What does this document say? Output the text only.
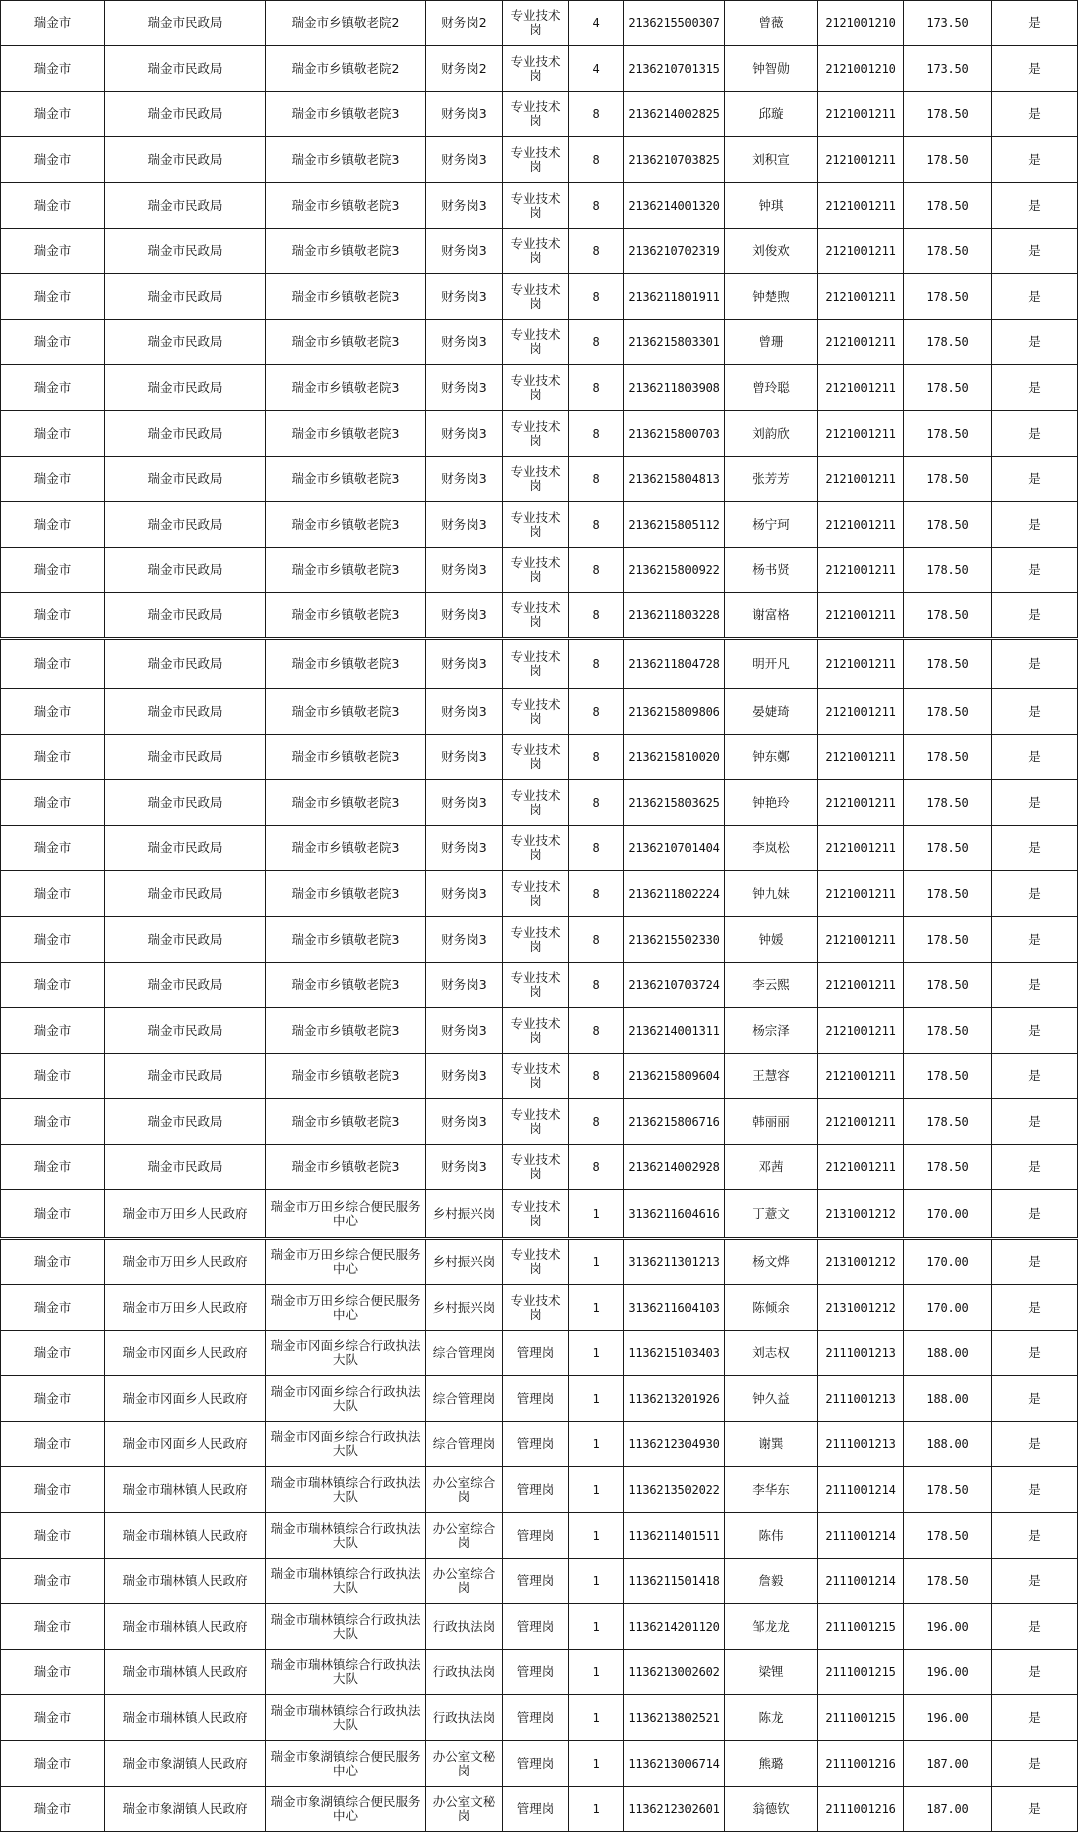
瑞金市	瑞金市民政局	瑞金市乡镇敬老院2	财务岗2	专业技术岗	4	2136215500307	曾薇	2121001210	173.50	是
瑞金市	瑞金市民政局	瑞金市乡镇敬老院2	财务岗2	专业技术岗	4	2136210701315	钟智勋	2121001210	173.50	是
瑞金市	瑞金市民政局	瑞金市乡镇敬老院3	财务岗3	专业技术岗	8	2136214002825	邱璇	2121001211	178.50	是
瑞金市	瑞金市民政局	瑞金市乡镇敬老院3	财务岗3	专业技术岗	8	2136210703825	刘积宣	2121001211	178.50	是
瑞金市	瑞金市民政局	瑞金市乡镇敬老院3	财务岗3	专业技术岗	8	2136214001320	钟琪	2121001211	178.50	是
瑞金市	瑞金市民政局	瑞金市乡镇敬老院3	财务岗3	专业技术岗	8	2136210702319	刘俊欢	2121001211	178.50	是
瑞金市	瑞金市民政局	瑞金市乡镇敬老院3	财务岗3	专业技术岗	8	2136211801911	钟楚煦	2121001211	178.50	是
瑞金市	瑞金市民政局	瑞金市乡镇敬老院3	财务岗3	专业技术岗	8	2136215803301	曾珊	2121001211	178.50	是
瑞金市	瑞金市民政局	瑞金市乡镇敬老院3	财务岗3	专业技术岗	8	2136211803908	曾玲聪	2121001211	178.50	是
瑞金市	瑞金市民政局	瑞金市乡镇敬老院3	财务岗3	专业技术岗	8	2136215800703	刘韵欣	2121001211	178.50	是
瑞金市	瑞金市民政局	瑞金市乡镇敬老院3	财务岗3	专业技术岗	8	2136215804813	张芳芳	2121001211	178.50	是
瑞金市	瑞金市民政局	瑞金市乡镇敬老院3	财务岗3	专业技术岗	8	2136215805112	杨宁珂	2121001211	178.50	是
瑞金市	瑞金市民政局	瑞金市乡镇敬老院3	财务岗3	专业技术岗	8	2136215800922	杨书贤	2121001211	178.50	是
瑞金市	瑞金市民政局	瑞金市乡镇敬老院3	财务岗3	专业技术岗	8	2136211803228	谢富格	2121001211	178.50	是
瑞金市	瑞金市民政局	瑞金市乡镇敬老院3	财务岗3	专业技术岗	8	2136211804728	明开凡	2121001211	178.50	是
瑞金市	瑞金市民政局	瑞金市乡镇敬老院3	财务岗3	专业技术岗	8	2136215809806	晏婕琦	2121001211	178.50	是
瑞金市	瑞金市民政局	瑞金市乡镇敬老院3	财务岗3	专业技术岗	8	2136215810020	钟东鄭	2121001211	178.50	是
瑞金市	瑞金市民政局	瑞金市乡镇敬老院3	财务岗3	专业技术岗	8	2136215803625	钟艳玲	2121001211	178.50	是
瑞金市	瑞金市民政局	瑞金市乡镇敬老院3	财务岗3	专业技术岗	8	2136210701404	李岚松	2121001211	178.50	是
瑞金市	瑞金市民政局	瑞金市乡镇敬老院3	财务岗3	专业技术岗	8	2136211802224	钟九妹	2121001211	178.50	是
瑞金市	瑞金市民政局	瑞金市乡镇敬老院3	财务岗3	专业技术岗	8	2136215502330	钟媛	2121001211	178.50	是
瑞金市	瑞金市民政局	瑞金市乡镇敬老院3	财务岗3	专业技术岗	8	2136210703724	李云熙	2121001211	178.50	是
瑞金市	瑞金市民政局	瑞金市乡镇敬老院3	财务岗3	专业技术岗	8	2136214001311	杨宗泽	2121001211	178.50	是
瑞金市	瑞金市民政局	瑞金市乡镇敬老院3	财务岗3	专业技术岗	8	2136215809604	王慧容	2121001211	178.50	是
瑞金市	瑞金市民政局	瑞金市乡镇敬老院3	财务岗3	专业技术岗	8	2136215806716	韩丽丽	2121001211	178.50	是
瑞金市	瑞金市民政局	瑞金市乡镇敬老院3	财务岗3	专业技术岗	8	2136214002928	邓茜	2121001211	178.50	是
瑞金市	瑞金市万田乡人民政府	瑞金市万田乡综合便民服务中心	乡村振兴岗	专业技术岗	1	3136211604616	丁薏文	2131001212	170.00	是
瑞金市	瑞金市万田乡人民政府	瑞金市万田乡综合便民服务中心	乡村振兴岗	专业技术岗	1	3136211301213	杨文烨	2131001212	170.00	是
瑞金市	瑞金市万田乡人民政府	瑞金市万田乡综合便民服务中心	乡村振兴岗	专业技术岗	1	3136211604103	陈倾余	2131001212	170.00	是
瑞金市	瑞金市冈面乡人民政府	瑞金市冈面乡综合行政执法大队	综合管理岗	管理岗	1	1136215103403	刘志权	2111001213	188.00	是
瑞金市	瑞金市冈面乡人民政府	瑞金市冈面乡综合行政执法大队	综合管理岗	管理岗	1	1136213201926	钟久益	2111001213	188.00	是
瑞金市	瑞金市冈面乡人民政府	瑞金市冈面乡综合行政执法大队	综合管理岗	管理岗	1	1136212304930	谢巽	2111001213	188.00	是
瑞金市	瑞金市瑞林镇人民政府	瑞金市瑞林镇综合行政执法大队	办公室综合岗	管理岗	1	1136213502022	李华东	2111001214	178.50	是
瑞金市	瑞金市瑞林镇人民政府	瑞金市瑞林镇综合行政执法大队	办公室综合岗	管理岗	1	1136211401511	陈伟	2111001214	178.50	是
瑞金市	瑞金市瑞林镇人民政府	瑞金市瑞林镇综合行政执法大队	办公室综合岗	管理岗	1	1136211501418	詹毅	2111001214	178.50	是
瑞金市	瑞金市瑞林镇人民政府	瑞金市瑞林镇综合行政执法大队	行政执法岗	管理岗	1	1136214201120	邹龙龙	2111001215	196.00	是
瑞金市	瑞金市瑞林镇人民政府	瑞金市瑞林镇综合行政执法大队	行政执法岗	管理岗	1	1136213002602	梁锂	2111001215	196.00	是
瑞金市	瑞金市瑞林镇人民政府	瑞金市瑞林镇综合行政执法大队	行政执法岗	管理岗	1	1136213802521	陈龙	2111001215	196.00	是
瑞金市	瑞金市象湖镇人民政府	瑞金市象湖镇综合便民服务中心	办公室文秘岗	管理岗	1	1136213006714	熊璐	2111001216	187.00	是
瑞金市	瑞金市象湖镇人民政府	瑞金市象湖镇综合便民服务中心	办公室文秘岗	管理岗	1	1136212302601	翁德钦	2111001216	187.00	是
